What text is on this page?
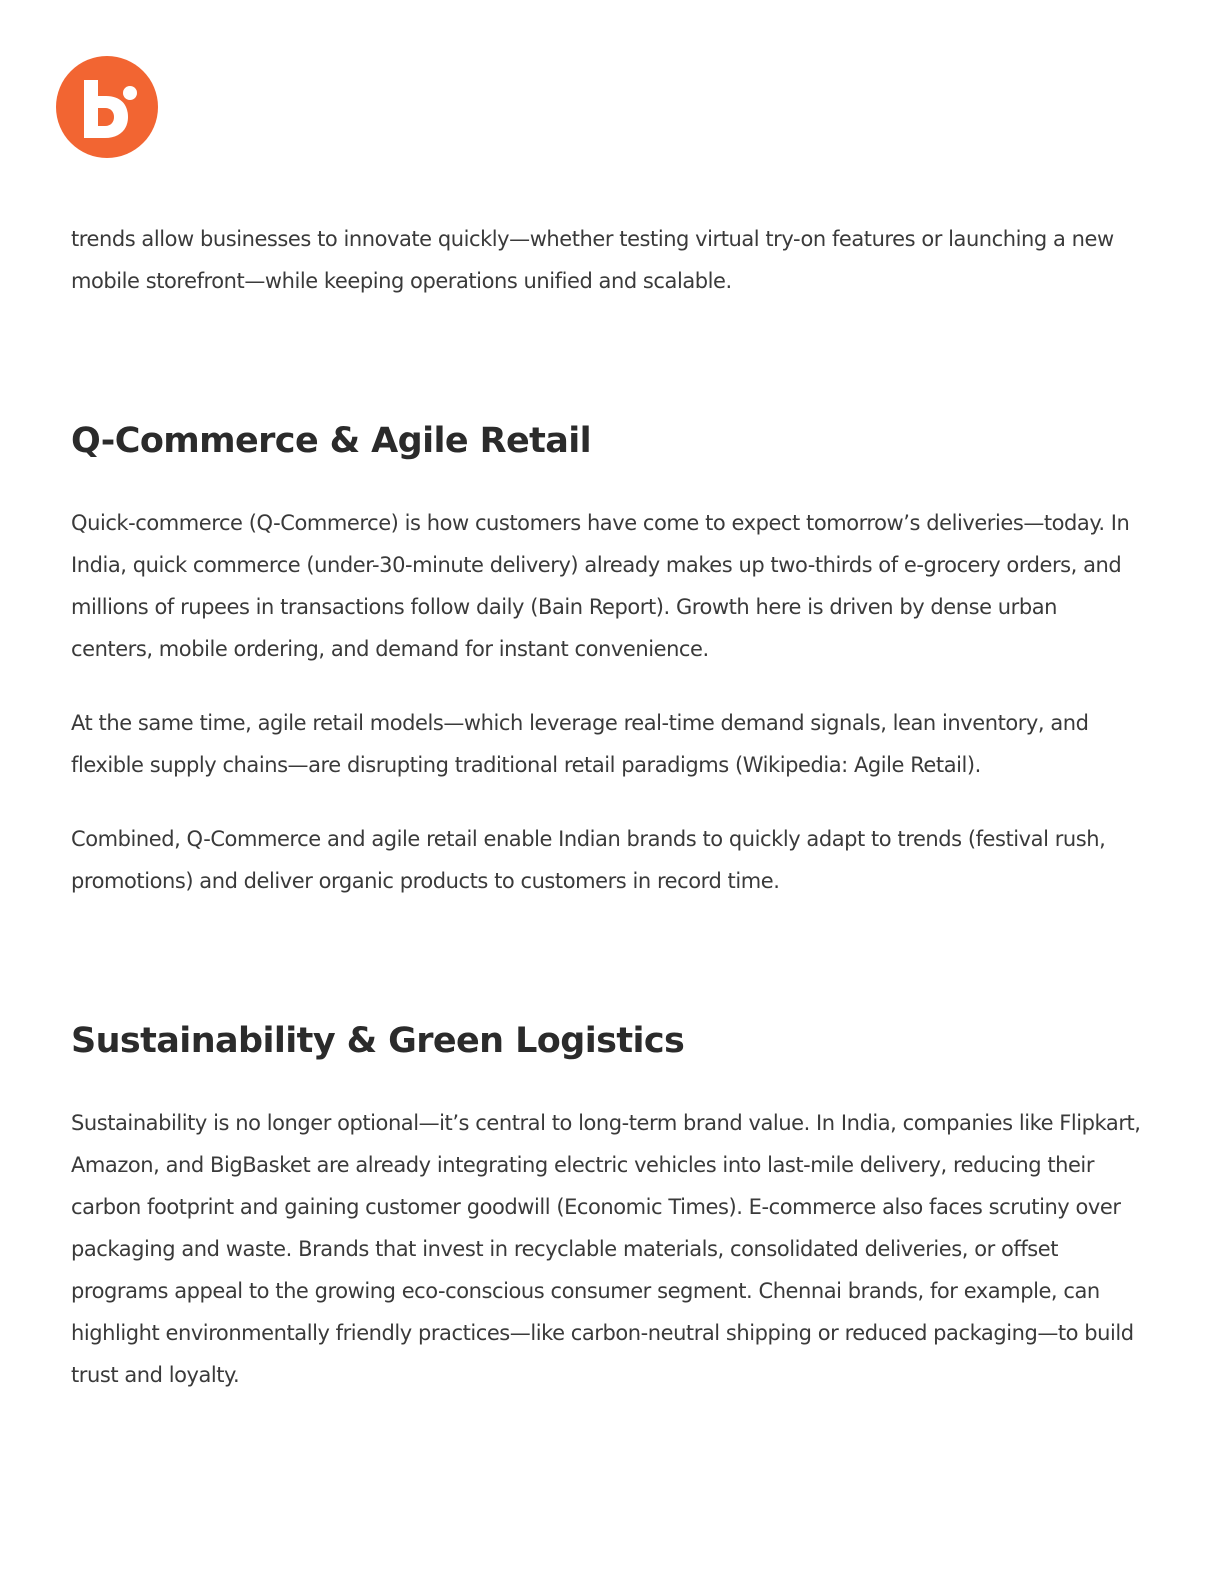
trends allow businesses to innovate quickly—whether testing virtual try-on features or launching a new mobile storefront—while keeping operations unified and scalable.

Q-Commerce & Agile Retail

Quick-commerce (Q-Commerce) is how customers have come to expect tomorrow’s deliveries—today. In India, quick commerce (under-30-minute delivery) already makes up two-thirds of e-grocery orders, and millions of rupees in transactions follow daily (Bain Report). Growth here is driven by dense urban centers, mobile ordering, and demand for instant convenience.

At the same time, agile retail models—which leverage real-time demand signals, lean inventory, and flexible supply chains—are disrupting traditional retail paradigms (Wikipedia: Agile Retail).

Combined, Q-Commerce and agile retail enable Indian brands to quickly adapt to trends (festival rush, promotions) and deliver organic products to customers in record time.

Sustainability & Green Logistics

Sustainability is no longer optional—it’s central to long-term brand value. In India, companies like Flipkart, Amazon, and BigBasket are already integrating electric vehicles into last-mile delivery, reducing their carbon footprint and gaining customer goodwill (Economic Times). E-commerce also faces scrutiny over packaging and waste. Brands that invest in recyclable materials, consolidated deliveries, or offset programs appeal to the growing eco-conscious consumer segment. Chennai brands, for example, can highlight environmentally friendly practices—like carbon-neutral shipping or reduced packaging—to build trust and loyalty.
